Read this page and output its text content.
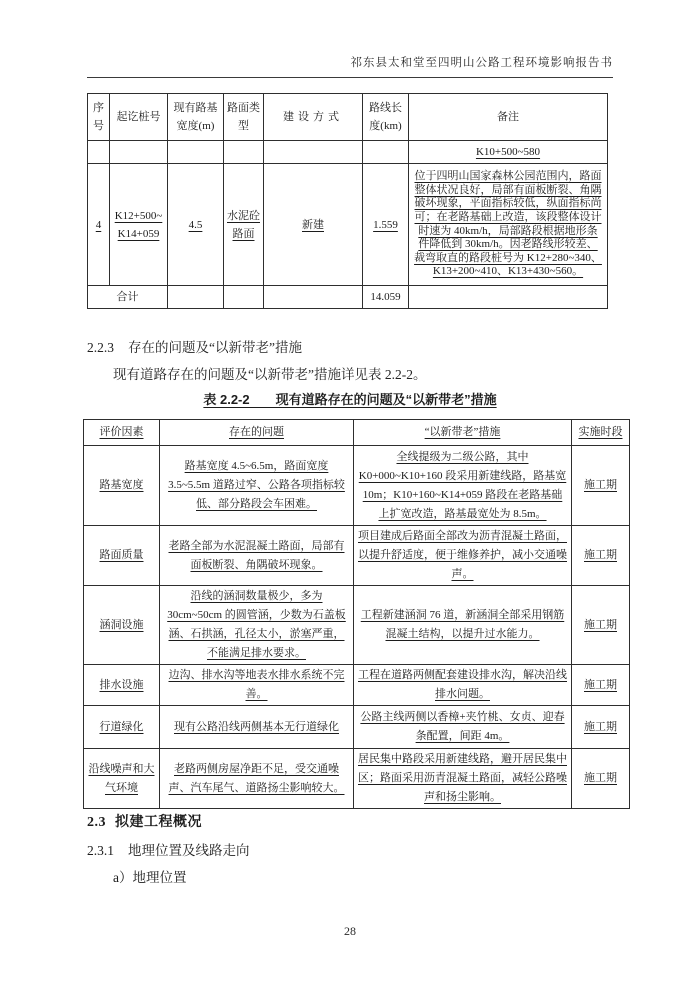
祁东县太和堂至四明山公路工程环境影响报告书
序号	起讫桩号	现有路基宽度(m)	路面类型	建设方式	路线长度(km)	备注
						K10+500~580
4	K12+500~K14+059	4.5	水泥砼路面	新建	1.559	位于四明山国家森林公园范围内，路面整体状况良好，局部有面板断裂、角隅破坏现象，平面指标较低，纵面指标尚可；在老路基础上改造，该段整体设计时速为 40km/h，局部路段根据地形条件降低到 30km/h。因老路线形较差、裁弯取直的路段桩号为 K12+280~340、K13+200~410、K13+430~560。
合计					14.059	
2.2.3 存在的问题及“以新带老”措施
现有道路存在的问题及“以新带老”措施详见表 2.2-2。
表 2.2-2　　现有道路存在的问题及“以新带老”措施
评价因素	存在的问题	“以新带老”措施	实施时段
路基宽度	路基宽度 4.5~6.5m，路面宽度 3.5~5.5m 道路过窄、公路各项指标较低、部分路段会车困难。	全线提级为二级公路，其中 K0+000~K10+160 段采用新建线路，路基宽 10m；K10+160~K14+059 路段在老路基础上扩宽改造，路基最宽处为 8.5m。	施工期
路面质量	老路全部为水泥混凝土路面，局部有面板断裂、角隅破坏现象。	项目建成后路面全部改为沥青混凝土路面，以提升舒适度，便于维修养护，减小交通噪声。	施工期
涵洞设施	沿线的涵洞数量极少，多为 30cm~50cm 的圆管涵，少数为石盖板涵、石拱涵，孔径太小，淤塞严重，不能满足排水要求。	工程新建涵洞 76 道，新涵洞全部采用钢筋混凝土结构，以提升过水能力。	施工期
排水设施	边沟、排水沟等地表水排水系统不完善。	工程在道路两侧配套建设排水沟，解决沿线排水问题。	施工期
行道绿化	现有公路沿线两侧基本无行道绿化	公路主线两侧以香樟+夹竹桃、女贞、迎春条配置，间距 4m。	施工期
沿线噪声和大气环境	老路两侧房屋净距不足，受交通噪声、汽车尾气、道路扬尘影响较大。	居民集中路段采用新建线路，避开居民集中区；路面采用沥青混凝土路面，减轻公路噪声和扬尘影响。	施工期
2.3 拟建工程概况
2.3.1 地理位置及线路走向
a）地理位置
28
